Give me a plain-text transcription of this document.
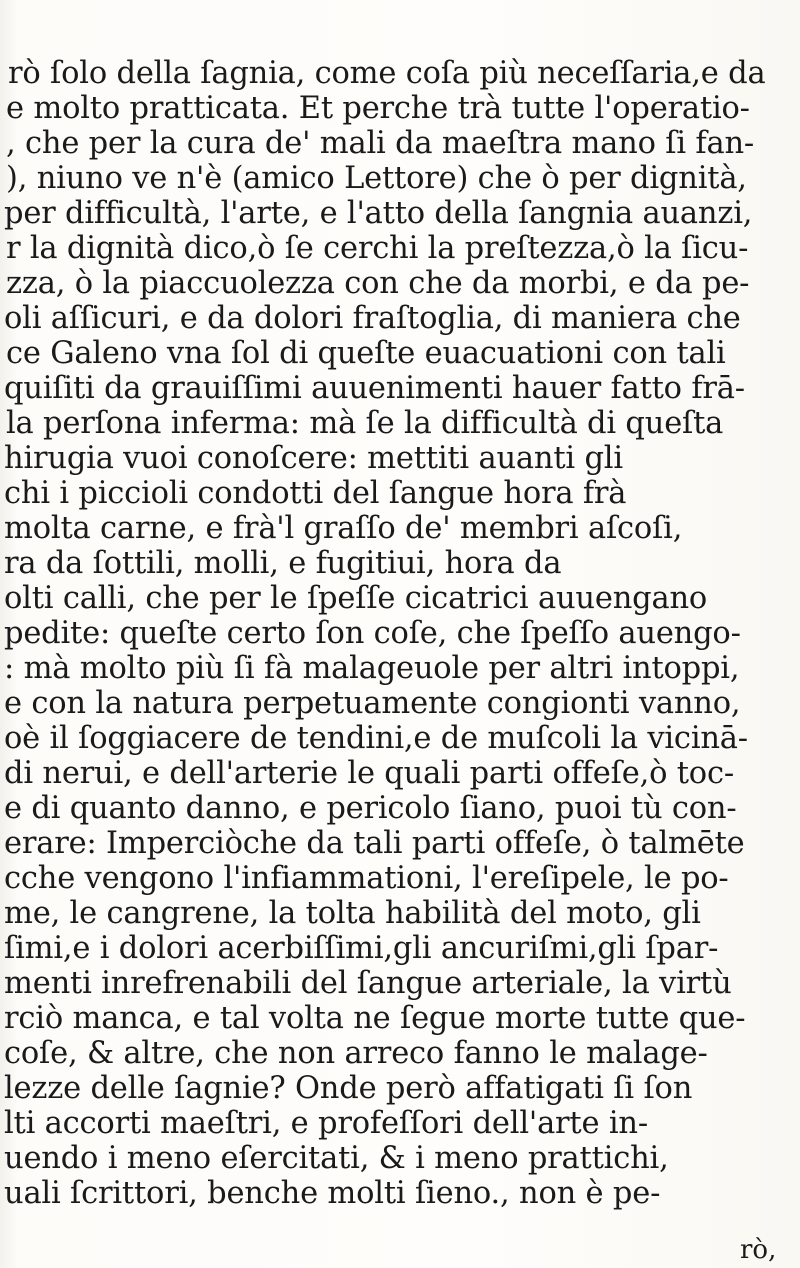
rò ſolo della ſagnia, come coſa più neceſſaria,e da
e molto pratticata. Et perche trà tutte l'operatio-
, che per la cura de' mali da maeſtra mano ſi fan-
), niuno ve n'è (amico Lettore) che ò per dignità,
per difficultà, l'arte, e l'atto della ſangnia auanzi,
r la dignità dico,ò ſe cerchi la preſtezza,ò la ſicu-
zza, ò la piaccuolezza con che da morbi, e da pe-
oli aſſicuri, e da dolori fraſtoglia, di maniera che
ce Galeno vna ſol di queſte euacuationi con tali
quiſiti da grauiſſimi auuenimenti hauer fatto frā-
la perſona inferma: mà ſe la difficultà di queſta
hirugia vuoi conoſcere: mettiti auanti gli
chi i piccioli condotti del ſangue hora frà
molta carne, e frà'l graſſo de' membri aſcoſi,
ra da ſottili, molli, e fugitiui, hora da
olti calli, che per le ſpeſſe cicatrici auuengano
pedite: queſte certo ſon coſe, che ſpeſſo auengo-
: mà molto più ſi fà malageuole per altri intoppi,
e con la natura perpetuamente congionti vanno,
oè il ſoggiacere de tendini,e de muſcoli la vicinā-
di nerui, e dell'arterie le quali parti offeſe,ò toc-
e di quanto danno, e pericolo ſiano, puoi tù con-
erare: Imperciòche da tali parti offeſe, ò talmēte
cche vengono l'infiammationi, l'ereſipele, le po-
me, le cangrene, la tolta habilità del moto, gli
ſimi,e i dolori acerbiſſimi,gli ancuriſmi,gli ſpar-
menti inrefrenabili del ſangue arteriale, la virtù
rciò manca, e tal volta ne ſegue morte tutte que-
coſe, & altre, che non arreco fanno le malage-
lezze delle ſagnie? Onde però affatigati ſi ſon
lti accorti maeſtri, e profeſſori dell'arte in-
uendo i meno eſercitati, & i meno prattichi,
uali ſcrittori, benche molti ſieno., non è pe-
rò,
